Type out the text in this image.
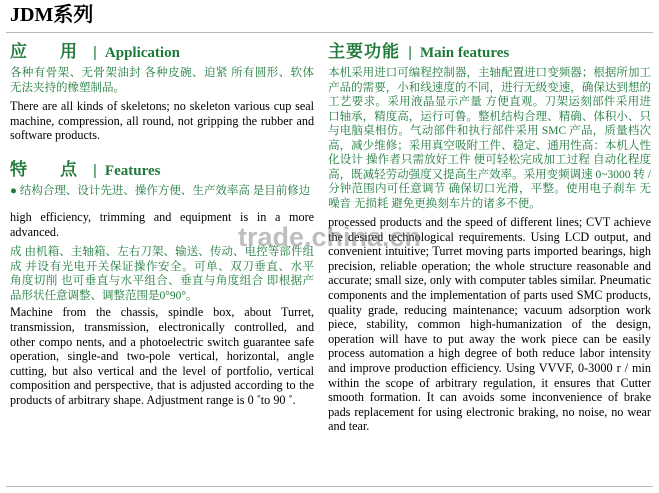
JDM系列
应　用 | Application

各种有骨架、无骨架油封 各种皮碗、迫紧 所有圆形、软体无法夹持的橡塑制品。

There are all kinds of skeletons; no skeleton various cup seal machine, compression, all round, not gripping the rubber and software products.

特　点 | Features

● 结构合理、设计先进、操作方便、生产效率高 是目前修边

high efficiency, trimming and equipment is in a more advanced.

成 由机箱、主轴箱、左右刀架、输送、传动、电控等部件组成 并设有光电开关保证操作安全。可单、双刀垂直、水平 角度切削 也可垂直与水平组合、垂直与角度组合 即根据产品形状任意调整、调整范围是0°90°。

Machine from the chassis, spindle box, about Turret, transmission, transmission, electronically controlled, and other compo nents, and a photoelectric switch guarantee safe operation, single-and two-pole vertical, horizontal, angle cutting, but also vertical and the level of portfolio, vertical composition and perspective, that is adjusted according to the products of arbitrary shape. Adjustment range is 0 ˚to 90 ˚.

主要功能 | Main features

本机采用进口可编程控制器，主轴配置进口变频器；根据所加工产品的需要，小和线速度的不同，进行无级变速，确保达到想的工艺要求。采用液晶显示产量 方便直观。刀架运刻部件采用进口轴承，精度高，运行可鲁。整机结构合理、精确、体积小、只与电脑桌相仿。气动部件和执行部件采用 SMC 产品，质量档次高，减少维修；采用真空吸附工件、稳定、通用性高：本机人性化设计 操作者只需放好工件 便可轻松完成加工过程 自动化程度高，既减轻劳动强度又提高生产效率。采用变频调速 0~3000 转 / 分钟范围内可任意调节 确保切口光滑，平整。使用电子刹车 无噪音 无损耗 避免更换刻车片的诸多不便。

processed products and the speed of different lines; CVT achieve the desired technological requirements. Using LCD output, and convenient intuitive; Turret moving parts imported bearings, high precision, reliable operation; the whole structure reasonable and accurate; small size, only with computer tables similar. Pneumatic components and the implementation of parts used SMC products, quality grade, reducing maintenance; vacuum adsorption work piece, stability, common high-humanization of the design, operation will have to put away the work piece can be easily process automation a high degree of both reduce labor intensity and improve production efficiency. Using VVVF, 0-3000 r / min within the scope of arbitrary regulation, it ensures that Cutter smooth formation. It can avoids some inconvenience of brake pads replacement for using electronic braking, no noise, no wear and tear.

trade.china.cn
